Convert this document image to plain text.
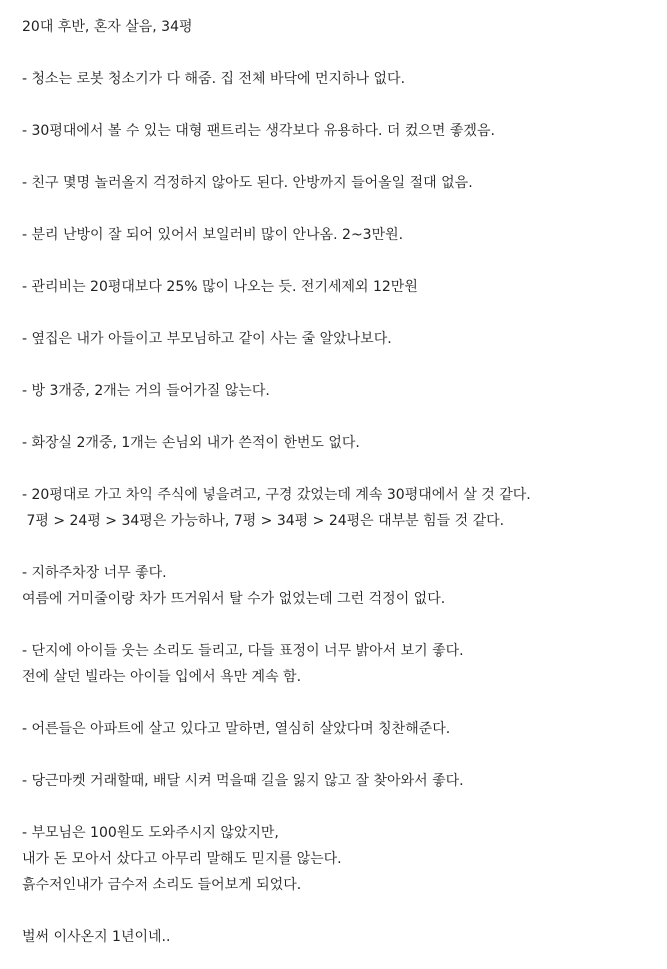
20대 후반, 혼자 살음, 34평
- 청소는 로봇 청소기가 다 해줌. 집 전체 바닥에 먼지하나 없다.
- 30평대에서 볼 수 있는 대형 팬트리는 생각보다 유용하다. 더 컸으면 좋겠음.
- 친구 몇명 놀러올지 걱정하지 않아도 된다. 안방까지 들어올일 절대 없음.
- 분리 난방이 잘 되어 있어서 보일러비 많이 안나옴. 2~3만원.
- 관리비는 20평대보다 25% 많이 나오는 듯. 전기세제외 12만원
- 옆집은 내가 아들이고 부모님하고 같이 사는 줄 알았나보다.
- 방 3개중, 2개는 거의 들어가질 않는다.
- 화장실 2개중, 1개는 손님외 내가 쓴적이 한번도 없다.
- 20평대로 가고 차익 주식에 넣을려고, 구경 갔었는데 계속 30평대에서 살 것 같다.
7평 > 24평 > 34평은 가능하나, 7평 > 34평 > 24평은 대부분 힘들 것 같다.
- 지하주차장 너무 좋다.
여름에 거미줄이랑 차가 뜨거워서 탈 수가 없었는데 그런 걱정이 없다.
- 단지에 아이들 웃는 소리도 들리고, 다들 표정이 너무 밝아서 보기 좋다.
전에 살던 빌라는 아이들 입에서 욕만 계속 함.
- 어른들은 아파트에 살고 있다고 말하면, 열심히 살았다며 칭찬해준다.
- 당근마켓 거래할때, 배달 시켜 먹을때 길을 잃지 않고 잘 찾아와서 좋다.
- 부모님은 100원도 도와주시지 않았지만,
내가 돈 모아서 샀다고 아무리 말해도 믿지를 않는다.
흙수저인내가 금수저 소리도 들어보게 되었다.
벌써 이사온지 1년이네..
